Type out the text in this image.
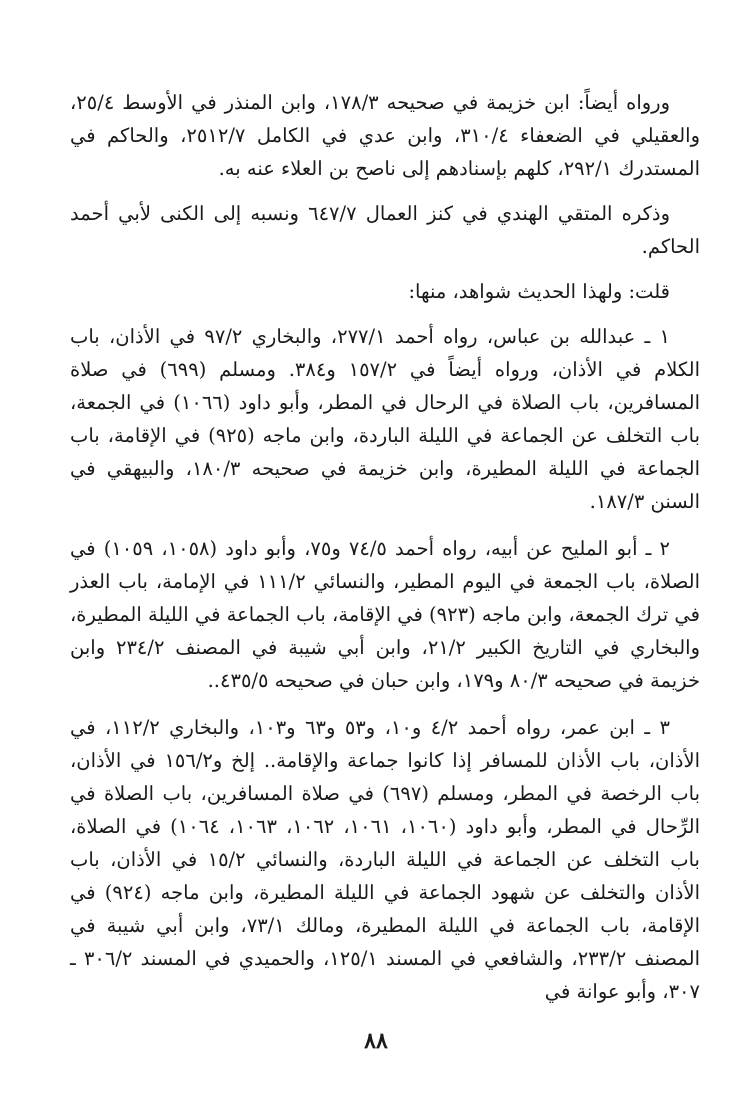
ورواه أيضاً: ابن خزيمة في صحيحه ١٧٨/٣، وابن المنذر في الأوسط ٢٥/٤، والعقيلي في الضعفاء ٣١٠/٤، وابن عدي في الكامل ٢٥١٢/٧، والحاكم في المستدرك ٢٩٢/١، كلهم بإسنادهم إلى ناصح بن العلاء عنه به.

وذكره المتقي الهندي في كنز العمال ٦٤٧/٧ ونسبه إلى الكنى لأبي أحمد الحاكم.

قلت: ولهذا الحديث شواهد، منها:

١ ـ عبدالله بن عباس، رواه أحمد ٢٧٧/١، والبخاري ٩٧/٢ في الأذان، باب الكلام في الأذان، ورواه أيضاً في ١٥٧/٢ و٣٨٤. ومسلم (٦٩٩) في صلاة المسافرين، باب الصلاة في الرحال في المطر، وأبو داود (١٠٦٦) في الجمعة، باب التخلف عن الجماعة في الليلة الباردة، وابن ماجه (٩٢٥) في الإقامة، باب الجماعة في الليلة المطيرة، وابن خزيمة في صحيحه ١٨٠/٣، والبيهقي في السنن ١٨٧/٣.

٢ ـ أبو المليح عن أبيه، رواه أحمد ٧٤/٥ و٧٥، وأبو داود (١٠٥٨، ١٠٥٩) في الصلاة، باب الجمعة في اليوم المطير، والنسائي ١١١/٢ في الإمامة، باب العذر في ترك الجمعة، وابن ماجه (٩٢٣) في الإقامة، باب الجماعة في الليلة المطيرة، والبخاري في التاريخ الكبير ٢١/٢، وابن أبي شيبة في المصنف ٢٣٤/٢ وابن خزيمة في صحيحه ٨٠/٣ و١٧٩، وابن حبان في صحيحه ٤٣٥/٥..

٣ ـ ابن عمر، رواه أحمد ٤/٢ و١٠، و٥٣ و٦٣ و١٠٣، والبخاري ١١٢/٢، في الأذان، باب الأذان للمسافر إذا كانوا جماعة والإقامة.. إلخ و١٥٦/٢ في الأذان، باب الرخصة في المطر، ومسلم (٦٩٧) في صلاة المسافرين، باب الصلاة في الرِّحال في المطر، وأبو داود (١٠٦٠، ١٠٦١، ١٠٦٢، ١٠٦٣، ١٠٦٤) في الصلاة، باب التخلف عن الجماعة في الليلة الباردة، والنسائي ١٥/٢ في الأذان، باب الأذان والتخلف عن شهود الجماعة في الليلة المطيرة، وابن ماجه (٩٢٤) في الإقامة، باب الجماعة في الليلة المطيرة، ومالك ٧٣/١، وابن أبي شيبة في المصنف ٢٣٣/٢، والشافعي في المسند ١٢٥/١، والحميدي في المسند ٣٠٦/٢ ـ ٣٠٧، وأبو عوانة في

٨٨
